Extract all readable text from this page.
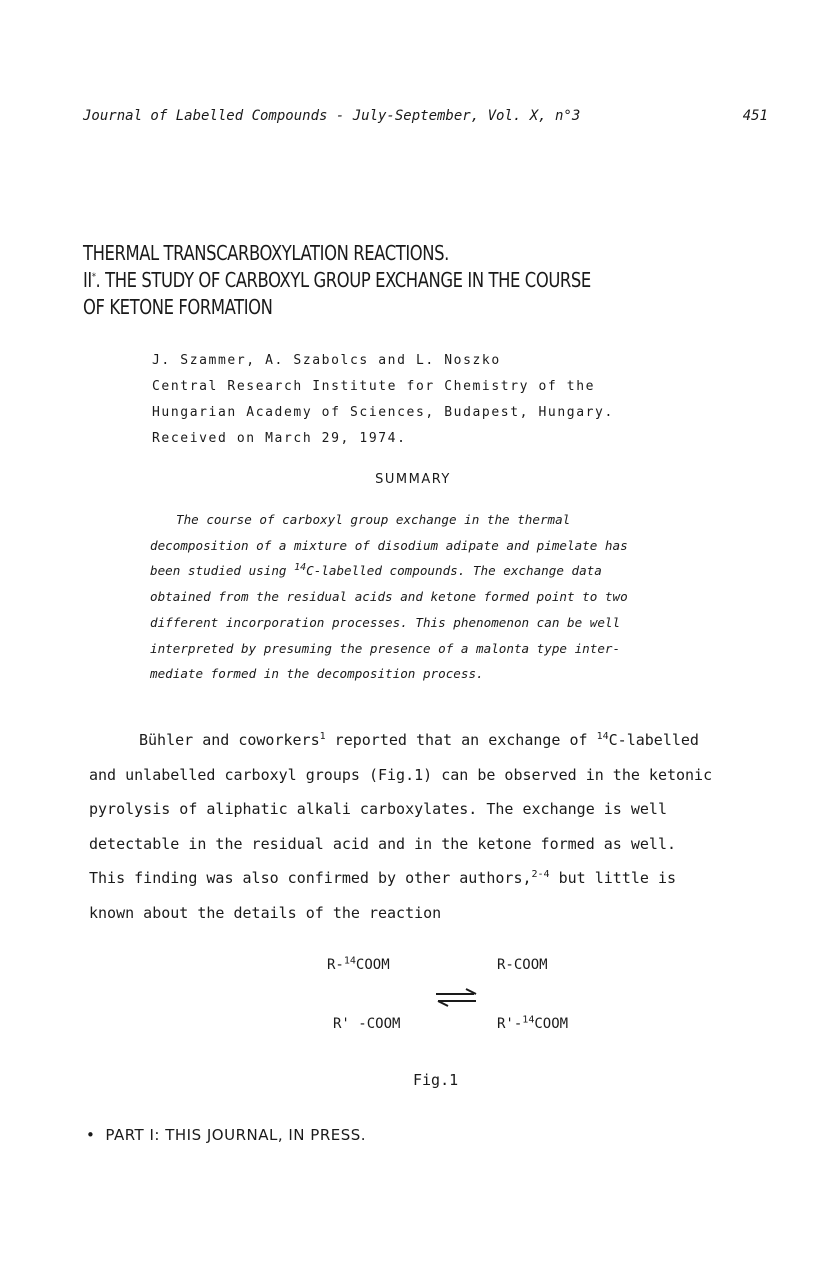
Journal of Labelled Compounds - July-September, Vol. X, n°3	451
THERMAL TRANSCARBOXYLATION REACTIONS.
II*. THE STUDY OF CARBOXYL GROUP EXCHANGE IN THE COURSE
OF KETONE FORMATION
J. Szammer, A. Szabolcs and L. Noszko
Central Research Institute for Chemistry of the
Hungarian Academy of Sciences, Budapest, Hungary.
Received on March 29, 1974.
SUMMARY
The course of carboxyl group exchange in the thermal
decomposition of a mixture of disodium adipate and pimelate has
been studied using $^{14}$C-labelled compounds. The exchange data
obtained from the residual acids and ketone formed point to two
different incorporation processes. This phenomenon can be well
interpreted by presuming the presence of a malonta type inter-
mediate formed in the decomposition process.
Bühler and coworkers$^1$ reported that an exchange of $^{14}$C-labelled
and unlabelled carboxyl groups (Fig.1) can be observed in the ketonic
pyrolysis of aliphatic alkali carboxylates. The exchange is well
detectable in the residual acid and in the ketone formed as well.
This finding was also confirmed by other authors,$^{2-4}$ but little is
known about the details of the reaction
R-$^{14}$COOM	R-COOM
R' -COOM	R'-$^{14}$COOM
Fig.1
• PART I: THIS JOURNAL, IN PRESS.
